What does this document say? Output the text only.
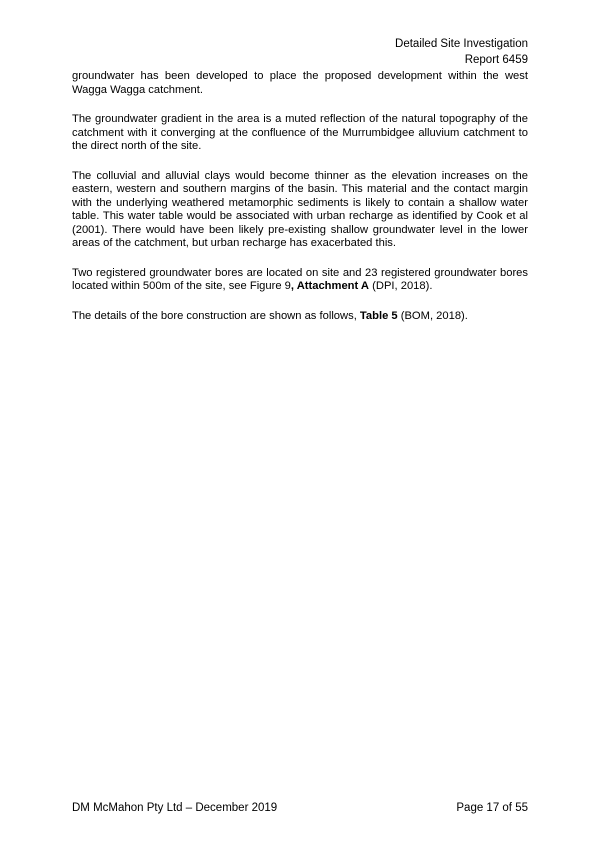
Detailed Site Investigation
Report 6459

groundwater has been developed to place the proposed development within the west Wagga Wagga catchment.

The groundwater gradient in the area is a muted reflection of the natural topography of the catchment with it converging at the confluence of the Murrumbidgee alluvium catchment to the direct north of the site.

The colluvial and alluvial clays would become thinner as the elevation increases on the eastern, western and southern margins of the basin. This material and the contact margin with the underlying weathered metamorphic sediments is likely to contain a shallow water table. This water table would be associated with urban recharge as identified by Cook et al (2001). There would have been likely pre-existing shallow groundwater level in the lower areas of the catchment, but urban recharge has exacerbated this.

Two registered groundwater bores are located on site and 23 registered groundwater bores located within 500m of the site, see Figure 9, Attachment A (DPI, 2018).

The details of the bore construction are shown as follows, Table 5 (BOM, 2018).

DM McMahon Pty Ltd – December 2019	Page 17 of 55
